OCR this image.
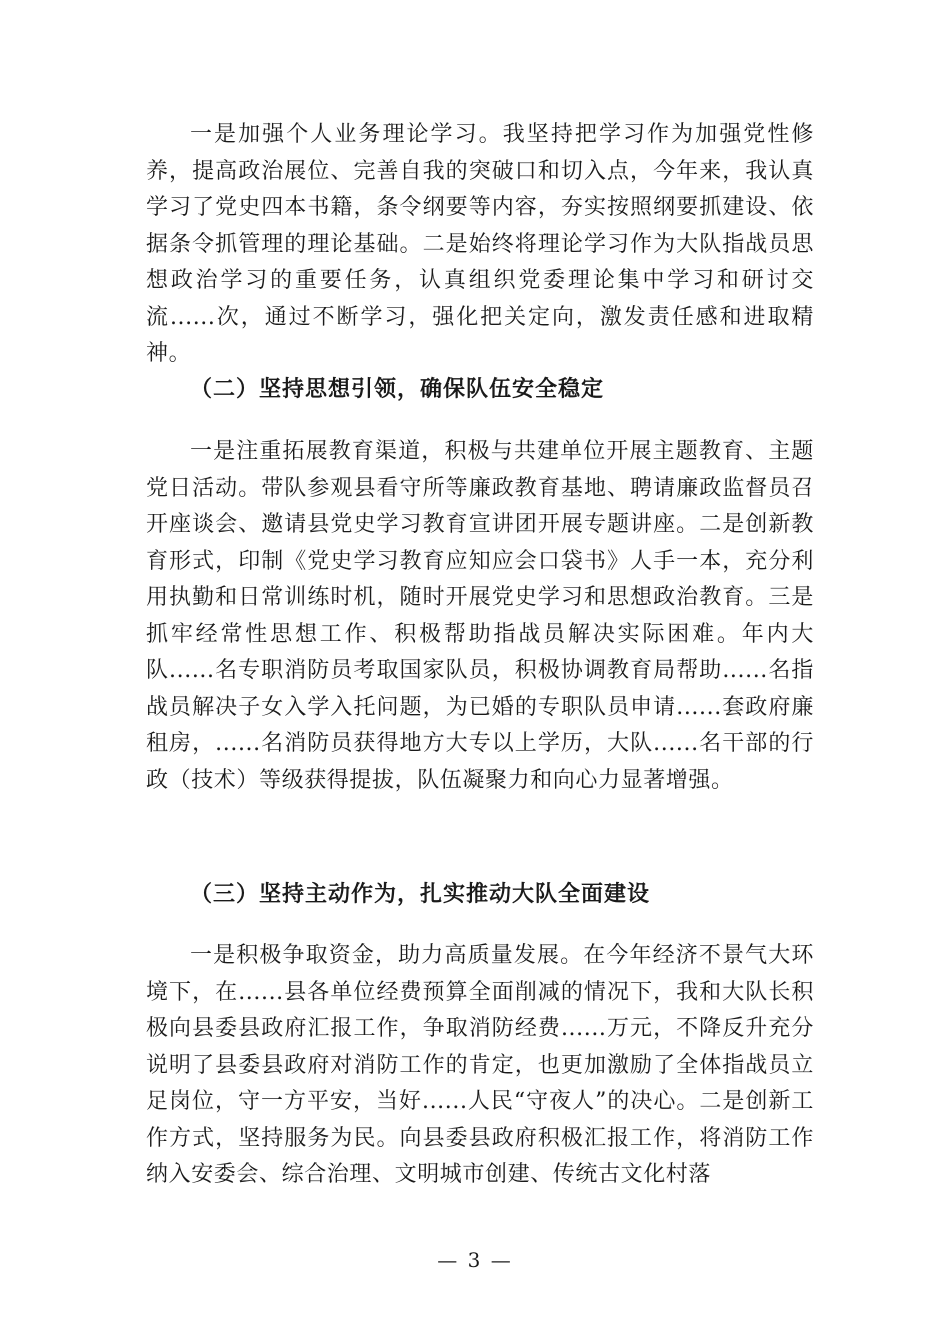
一是加强个人业务理论学习。我坚持把学习作为加强党性修养，提高政治展位、完善自我的突破口和切入点，今年来，我认真学习了党史四本书籍，条令纲要等内容，夯实按照纲要抓建设、依据条令抓管理的理论基础。二是始终将理论学习作为大队指战员思想政治学习的重要任务，认真组织党委理论集中学习和研讨交流......次，通过不断学习，强化把关定向，激发责任感和进取精神。

（二）坚持思想引领，确保队伍安全稳定

一是注重拓展教育渠道，积极与共建单位开展主题教育、主题党日活动。带队参观县看守所等廉政教育基地、聘请廉政监督员召开座谈会、邀请县党史学习教育宣讲团开展专题讲座。二是创新教育形式，印制《党史学习教育应知应会口袋书》人手一本，充分利用执勤和日常训练时机，随时开展党史学习和思想政治教育。三是抓牢经常性思想工作、积极帮助指战员解决实际困难。年内大队......名专职消防员考取国家队员，积极协调教育局帮助......名指战员解决子女入学入托问题，为已婚的专职队员申请......套政府廉租房，......名消防员获得地方大专以上学历，大队......名干部的行政（技术）等级获得提拔，队伍凝聚力和向心力显著增强。

（三）坚持主动作为，扎实推动大队全面建设

一是积极争取资金，助力高质量发展。在今年经济不景气大环境下，在......县各单位经费预算全面削减的情况下，我和大队长积极向县委县政府汇报工作，争取消防经费......万元，不降反升充分说明了县委县政府对消防工作的肯定，也更加激励了全体指战员立足岗位，守一方平安，当好......人民“守夜人”的决心。二是创新工作方式，坚持服务为民。向县委县政府积极汇报工作，将消防工作纳入安委会、综合治理、文明城市创建、传统古文化村落

— 3 —
